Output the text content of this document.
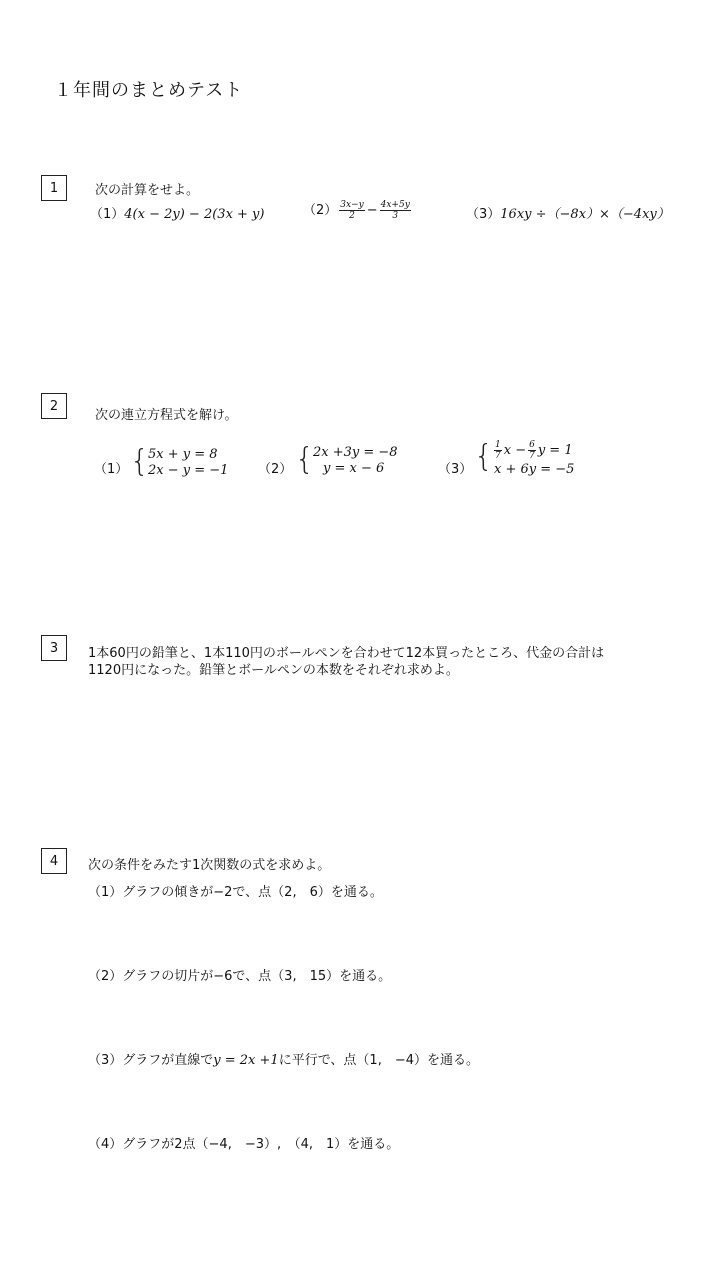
１年間のまとめテスト
1	次の計算をせよ。
（1）4(𝑥 − 2𝑦) − 2(3𝑥 + 𝑦)	$(2) \frac{\text{3𝑥−𝑦}}{2} - \frac{\text{4𝑥+5𝑦}}{3}$	（3）16𝑥𝑦 ÷（−8𝑥）×（−4𝑥𝑦）
2
次の連立方程式を解け。
（1） {
5𝑥 + 𝑦 = 8
2𝑥 − 𝑦 = −1 （2） {
2𝑥 +3𝑦 = −8
𝑦 = 𝑥 − 6	（3） { $\frac{1}{7}$ 𝑥 − $\frac{6}{7}$ 𝑦 = 1
𝑥 + 6𝑦 = −5
3	1本60円の鉛筆と、1本110円のボールペンを合わせて12本買ったところ、代金の合計は
1120円になった。鉛筆とボールペンの本数をそれぞれ求めよ。
4	次の条件をみたす1次関数の式を求めよ。
（1）グラフの傾きが−2で、点（2,　6）を通る。
（2）グラフの切片が−6で、点（3,　15）を通る。
（3）グラフが直線で𝑦 = 2𝑥 +1に平行で、点（1,　−4）を通る。
（4）グラフが2点（−4,　−3）,　（4,　1）を通る。
